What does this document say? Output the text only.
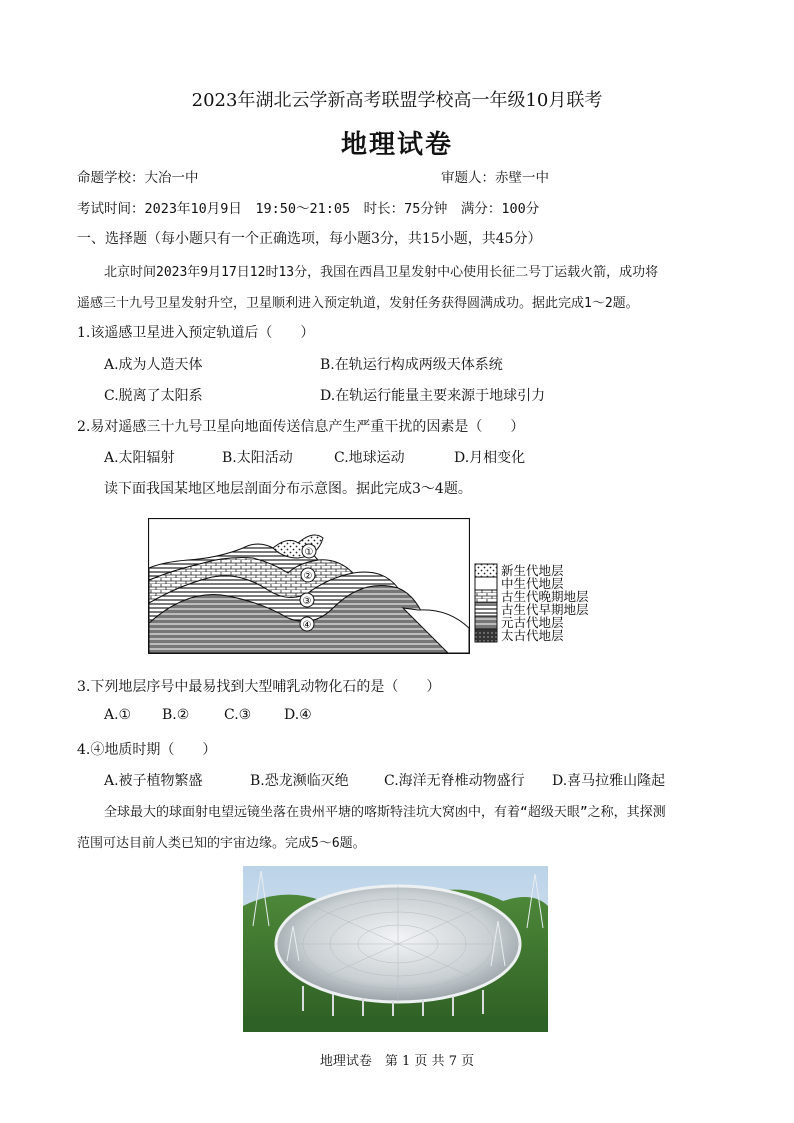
2023年湖北云学新高考联盟学校高一年级10月联考
地理试卷
命题学校：大冶一中	审题人：赤壁一中
考试时间：2023年10月9日　19:50～21:05　时长：75分钟　满分：100分
一、选择题（每小题只有一个正确选项，每小题3分，共15小题，共45分）
北京时间2023年9月17日12时13分，我国在西昌卫星发射中心使用长征二号丁运载火箭，成功将
遥感三十九号卫星发射升空，卫星顺利进入预定轨道，发射任务获得圆满成功。据此完成1～2题。
1.该遥感卫星进入预定轨道后（　　）
A.成为人造天体	B.在轨运行构成两级天体系统
C.脱离了太阳系	D.在轨运行能量主要来源于地球引力
2.易对遥感三十九号卫星向地面传送信息产生严重干扰的因素是（　　）
A.太阳辐射	B.太阳活动	C.地球运动	D.月相变化
读下面我国某地区地层剖面分布示意图。据此完成3～4题。
①
②
③
④
新生代地层
中生代地层
古生代晚期地层
古生代早期地层
元古代地层
太古代地层
3.下列地层序号中最易找到大型哺乳动物化石的是（　　）
A.① B.② C.③ D.④
4.④地质时期（　　）
A.被子植物繁盛	B.恐龙濒临灭绝	C.海洋无脊椎动物盛行 D.喜马拉雅山隆起
全球最大的球面射电望远镜坐落在贵州平塘的喀斯特洼坑大窝凼中，有着“超级天眼”之称，其探测
范围可达目前人类已知的宇宙边缘。完成5～6题。
地理试卷　第 1 页 共 7 页
